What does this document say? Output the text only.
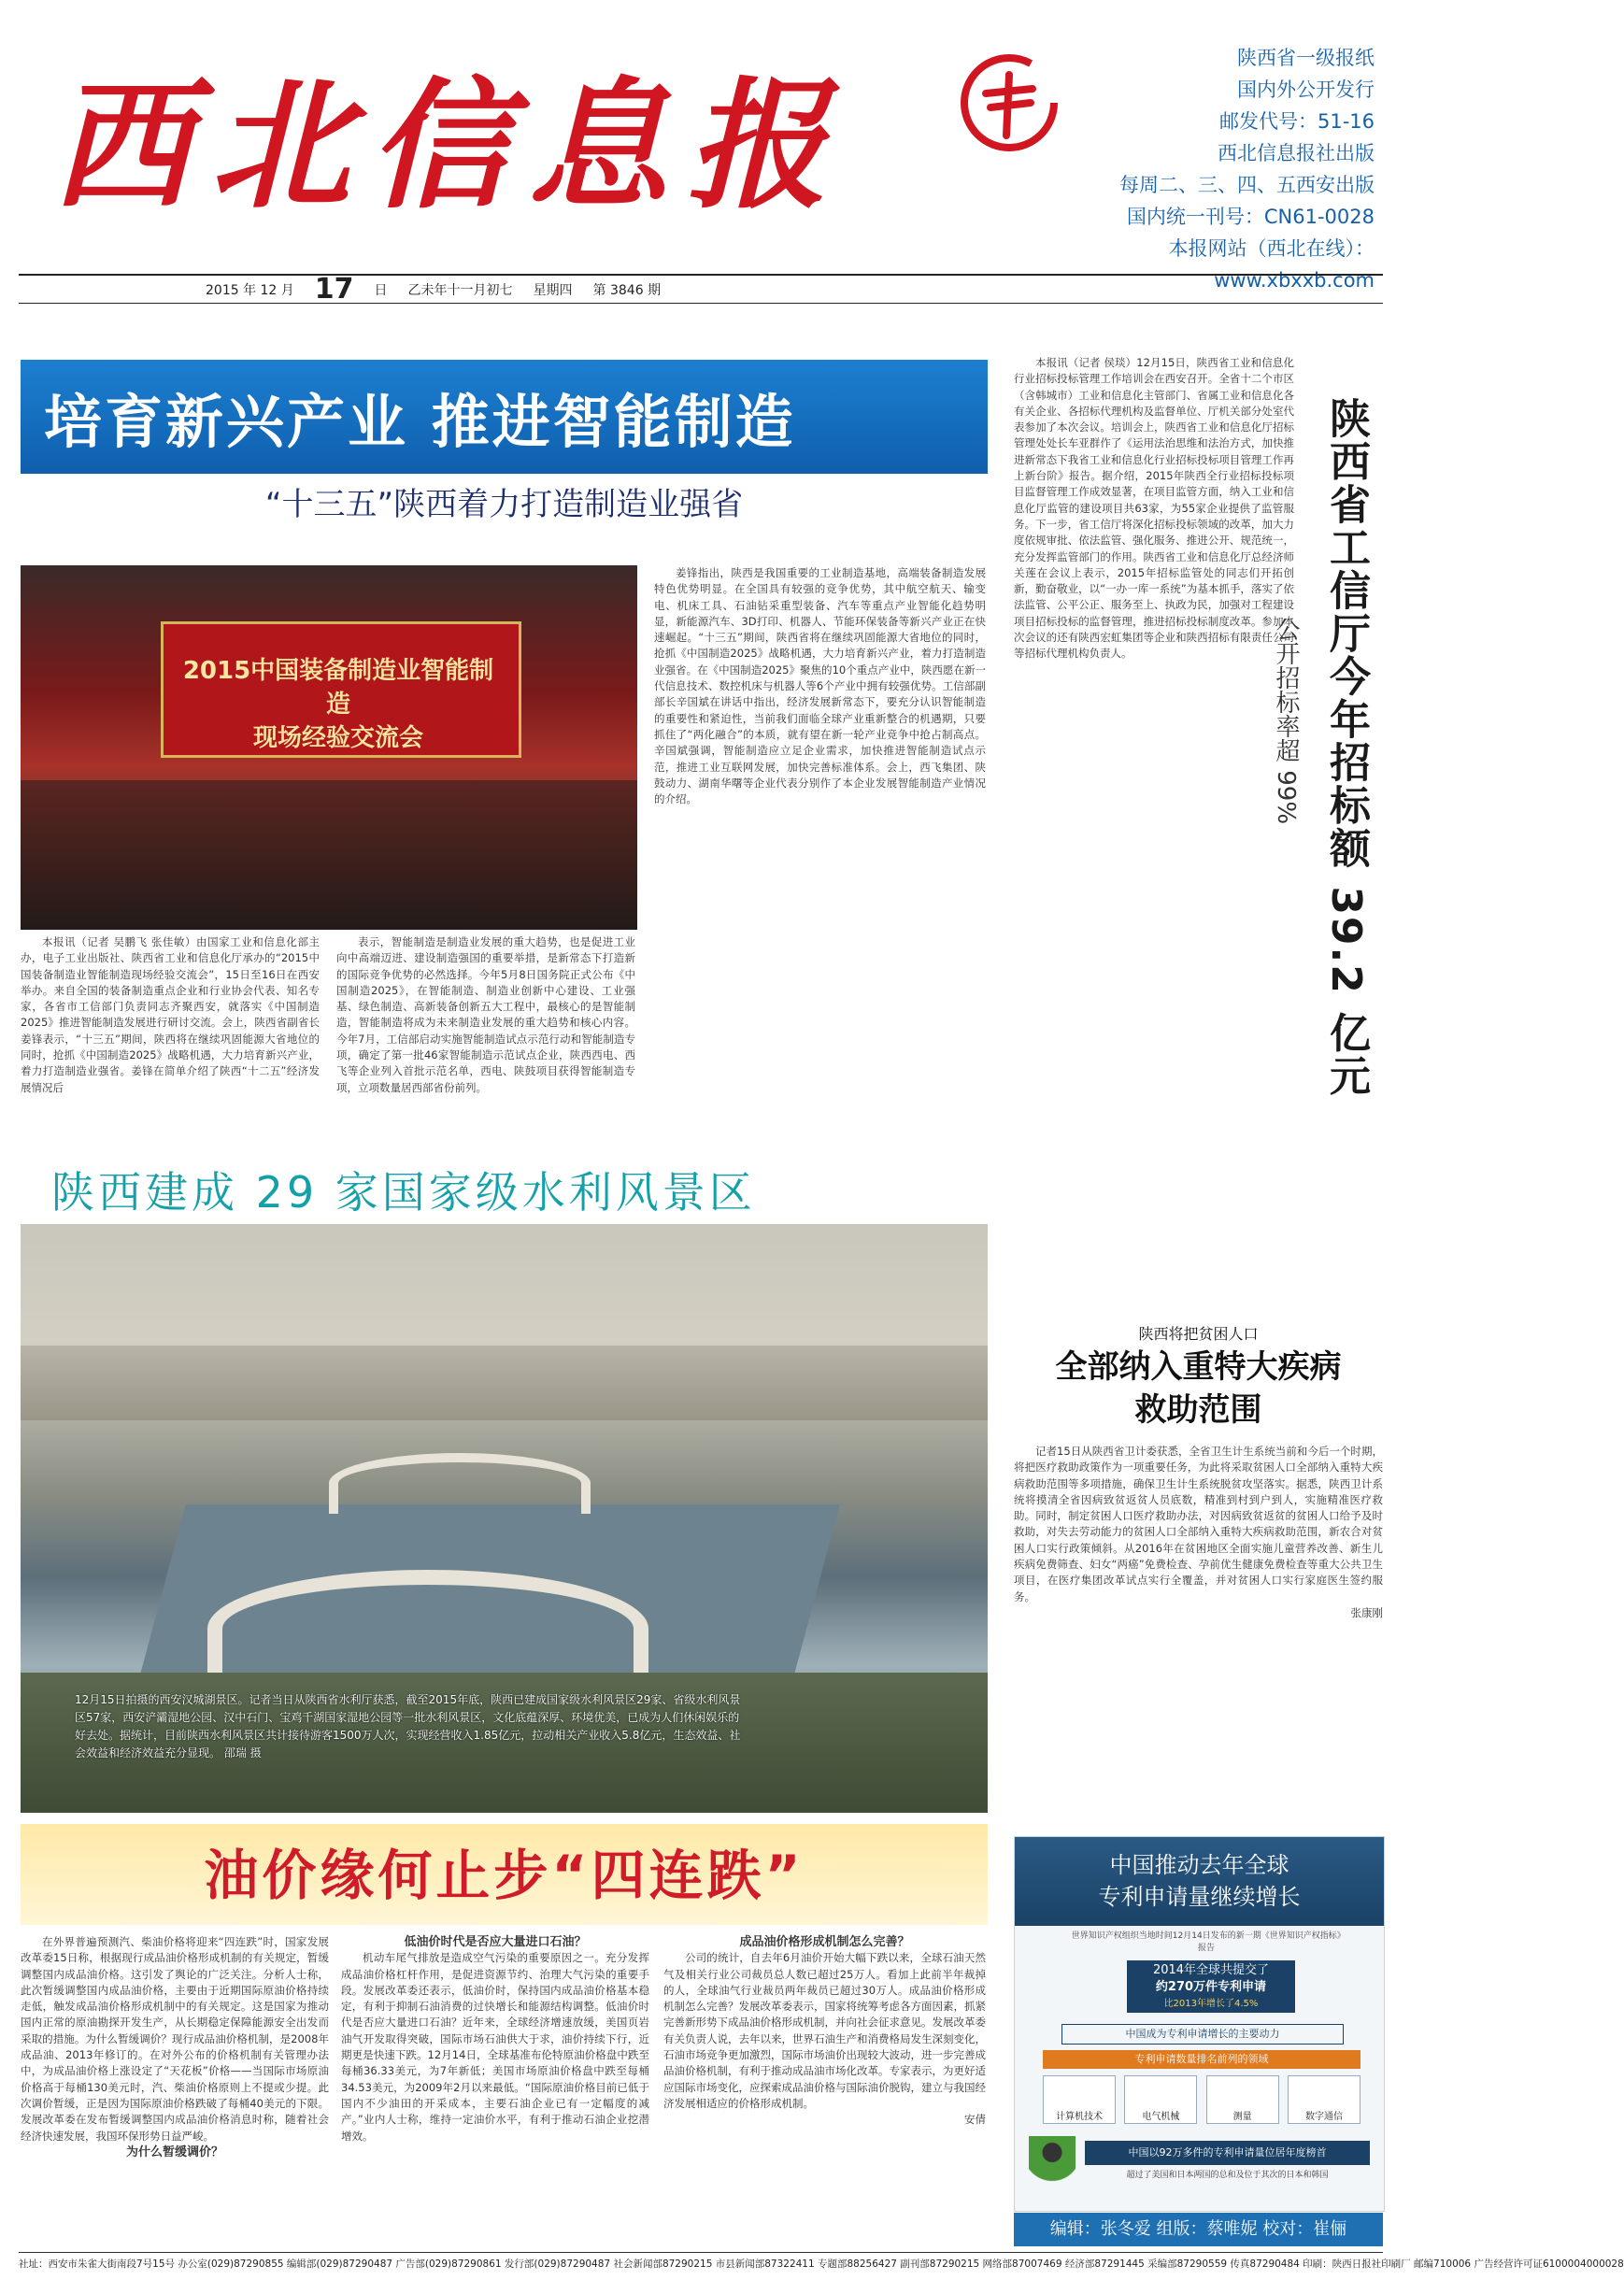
西北信息报
陕西省一级报纸
国内外公开发行
邮发代号：51-16
西北信息报社出版
每周二、三、四、五西安出版
国内统一刊号：CN61-0028
本报网站（西北在线）：www.xbxxb.com
2015 年 12 月 17 日 乙未年十一月初七 星期四 第 3846 期
培育新兴产业 推进智能制造
“十三五”陕西着力打造制造业强省
2015中国装备制造业智能制造
现场经验交流会

本报讯（记者 吴鹏飞 张佳敏）由国家工业和信息化部主办，电子工业出版社、陕西省工业和信息化厅承办的“2015中国装备制造业智能制造现场经验交流会”，15日至16日在西安举办。来自全国的装备制造重点企业和行业协会代表、知名专家，各省市工信部门负责同志齐聚西安，就落实《中国制造2025》推进智能制造发展进行研讨交流。会上，陕西省副省长姜锋表示，“十三五”期间，陕西将在继续巩固能源大省地位的同时，抢抓《中国制造2025》战略机遇，大力培育新兴产业，着力打造制造业强省。姜锋在简单介绍了陕西“十二五”经济发展情况后

表示，智能制造是制造业发展的重大趋势，也是促进工业向中高端迈进、建设制造强国的重要举措，是新常态下打造新的国际竞争优势的必然选择。今年5月8日国务院正式公布《中国制造2025》，在智能制造、制造业创新中心建设、工业强基、绿色制造、高新装备创新五大工程中，最核心的是智能制造，智能制造将成为未来制造业发展的重大趋势和核心内容。今年7月，工信部启动实施智能制造试点示范行动和智能制造专项，确定了第一批46家智能制造示范试点企业，陕西西电、西飞等企业列入首批示范名单，西电、陕鼓项目获得智能制造专项，立项数量居西部省份前列。

姜锋指出，陕西是我国重要的工业制造基地，高端装备制造发展特色优势明显。在全国具有较强的竞争优势，其中航空航天、输变电、机床工具、石油钻采重型装备、汽车等重点产业智能化趋势明显，新能源汽车、3D打印、机器人、节能环保装备等新兴产业正在快速崛起。“十三五”期间，陕西省将在继续巩固能源大省地位的同时，抢抓《中国制造2025》战略机遇，大力培育新兴产业，着力打造制造业强省。在《中国制造2025》聚焦的10个重点产业中，陕西愿在新一代信息技术、数控机床与机器人等6个产业中拥有较强优势。工信部副部长辛国斌在讲话中指出，经济发展新常态下，要充分认识智能制造的重要性和紧迫性，当前我们面临全球产业重新整合的机遇期，只要抓住了“两化融合”的本质，就有望在新一轮产业竞争中抢占制高点。辛国斌强调，智能制造应立足企业需求，加快推进智能制造试点示范，推进工业互联网发展，加快完善标准体系。会上，西飞集团、陕鼓动力、湖南华曙等企业代表分别作了本企业发展智能制造产业情况的介绍。

本报讯（记者 侯琰）12月15日，陕西省工业和信息化行业招标投标管理工作培训会在西安召开。全省十二个市区（含韩城市）工业和信息化主管部门、省属工业和信息化各有关企业、各招标代理机构及监督单位、厅机关部分处室代表参加了本次会议。培训会上，陕西省工业和信息化厅招标管理处处长车亚群作了《运用法治思维和法治方式，加快推进新常态下我省工业和信息化行业招标投标项目管理工作再上新台阶》报告。据介绍，2015年陕西全行业招标投标项目监督管理工作成效显著，在项目监管方面，纳入工业和信息化厅监管的建设项目共63家，为55家企业提供了监管服务。下一步，省工信厅将深化招标投标领域的改革，加大力度依规审批、依法监管、强化服务、推进公开、规范统一，充分发挥监管部门的作用。陕西省工业和信息化厅总经济师关莲在会议上表示，2015年招标监管处的同志们开拓创新，勤奋敬业，以“一办一库一系统”为基本抓手，落实了依法监管、公平公正、服务至上、执政为民，加强对工程建设项目招标投标的监督管理，推进招标投标制度改革。参加本次会议的还有陕西宏虹集团等企业和陕西招标有限责任公司等招标代理机构负责人。	陕西省工信厅今年招标额 39.2 亿元
公开招标率超 99%
陕西建成 29 家国家级水利风景区
12月15日拍摄的西安汉城湖景区。记者当日从陕西省水利厅获悉，截至2015年底，陕西已建成国家级水利风景区29家、省级水利风景区57家，西安浐灞湿地公园、汉中石门、宝鸡千湖国家湿地公园等一批水利风景区，文化底蕴深厚、环境优美，已成为人们休闲娱乐的好去处。据统计，目前陕西水利风景区共计接待游客1500万人次，实现经营收入1.85亿元，拉动相关产业收入5.8亿元，生态效益、社会效益和经济效益充分显现。 邵瑞 摄
陕西将把贫困人口
全部纳入重特大疾病
救助范围

记者15日从陕西省卫计委获悉，全省卫生计生系统当前和今后一个时期，将把医疗救助政策作为一项重要任务，为此将采取贫困人口全部纳入重特大疾病救助范围等多项措施，确保卫生计生系统脱贫攻坚落实。据悉，陕西卫计系统将摸清全省因病致贫返贫人员底数，精准到村到户到人，实施精准医疗救助。同时，制定贫困人口医疗救助办法，对因病致贫返贫的贫困人口给予及时救助，对失去劳动能力的贫困人口全部纳入重特大疾病救助范围，新农合对贫困人口实行政策倾斜。从2016年在贫困地区全面实施儿童营养改善、新生儿疾病免费筛查、妇女“两癌”免费检查、孕前优生健康免费检查等重大公共卫生项目，在医疗集团改革试点实行全覆盖，并对贫困人口实行家庭医生签约服务。

张康刚
油价缘何止步“四连跌”

在外界普遍预测汽、柴油价格将迎来“四连跌”时，国家发展改革委15日称，根据现行成品油价格形成机制的有关规定，暂缓调整国内成品油价格。这引发了舆论的广泛关注。分析人士称，此次暂缓调整国内成品油价格，主要由于近期国际原油价格持续走低，触发成品油价格形成机制中的有关规定。这是国家为推动国内正常的原油勘探开发生产，从长期稳定保障能源安全出发而采取的措施。为什么暂缓调价？现行成品油价格机制，是2008年成品油、2013年修订的。在对外公布的价格机制有关管理办法中，为成品油价格上涨设定了“天花板”价格——当国际市场原油价格高于每桶130美元时，汽、柴油价格原则上不提或少提。此次调价暂缓，正是因为国际原油价格跌破了每桶40美元的下限。发展改革委在发布暂缓调整国内成品油价格消息时称，随着社会经济快速发展，我国环保形势日益严峻。

为什么暂缓调价？

低油价时代是否应大量进口石油？

机动车尾气排放是造成空气污染的重要原因之一。充分发挥成品油价格杠杆作用，是促进资源节约、治理大气污染的重要手段。发展改革委还表示，低油价时，保持国内成品油价格基本稳定，有利于抑制石油消费的过快增长和能源结构调整。低油价时代是否应大量进口石油？近年来，全球经济增速放缓，美国页岩油气开发取得突破，国际市场石油供大于求，油价持续下行，近期更是快速下跌。12月14日，全球基准布伦特原油价格盘中跌至每桶36.33美元，为7年新低；美国市场原油价格盘中跌至每桶34.53美元，为2009年2月以来最低。“国际原油价格目前已低于国内不少油田的开采成本，主要石油企业已有一定幅度的减产。”业内人士称，维持一定油价水平，有利于推动石油企业挖潜增效。

成品油价格形成机制怎么完善？

公司的统计，自去年6月油价开始大幅下跌以来，全球石油天然气及相关行业公司裁员总人数已超过25万人。看加上此前半年裁掉的人，全球油气行业裁员两年裁员已超过30万人。成品油价格形成机制怎么完善？发展改革委表示，国家将统筹考虑各方面因素，抓紧完善新形势下成品油价格形成机制，并向社会征求意见。发展改革委有关负责人说，去年以来，世界石油生产和消费格局发生深刻变化，石油市场竞争更加激烈，国际市场油价出现较大波动，进一步完善成品油价格机制，有利于推动成品油市场化改革。专家表示，为更好适应国际市场变化，应探索成品油价格与国际油价脱钩，建立与我国经济发展相适应的价格形成机制。

安倩
中国推动去年全球
专利申请量继续增长
世界知识产权组织当地时间12月14日发布的新一期《世界知识产权指标》报告
2014年全球共提交了
约270万件专利申请
比2013年增长了4.5%
中国成为专利申请增长的主要动力
专利申请数量排名前列的领域
计算机技术	电气机械	测量	数字通信
中国以92万多件的专利申请量位居年度榜首
超过了美国和日本两国的总和及位于其次的日本和韩国
编辑：张冬爱 组版：蔡唯妮 校对：崔俪
社址：西安市朱雀大街南段7号15号 办公室(029)87290855 编辑部(029)87290487 广告部(029)87290861 发行部(029)87290487 社会新闻部87290215 市县新闻部87322411 专题部88256427 副刊部87290215 网络部87007469 经济部87291445 采编部87290559 传真87290484 印刷：陕西日报社印刷厂 邮编710006 广告经营许可证6100004000028
